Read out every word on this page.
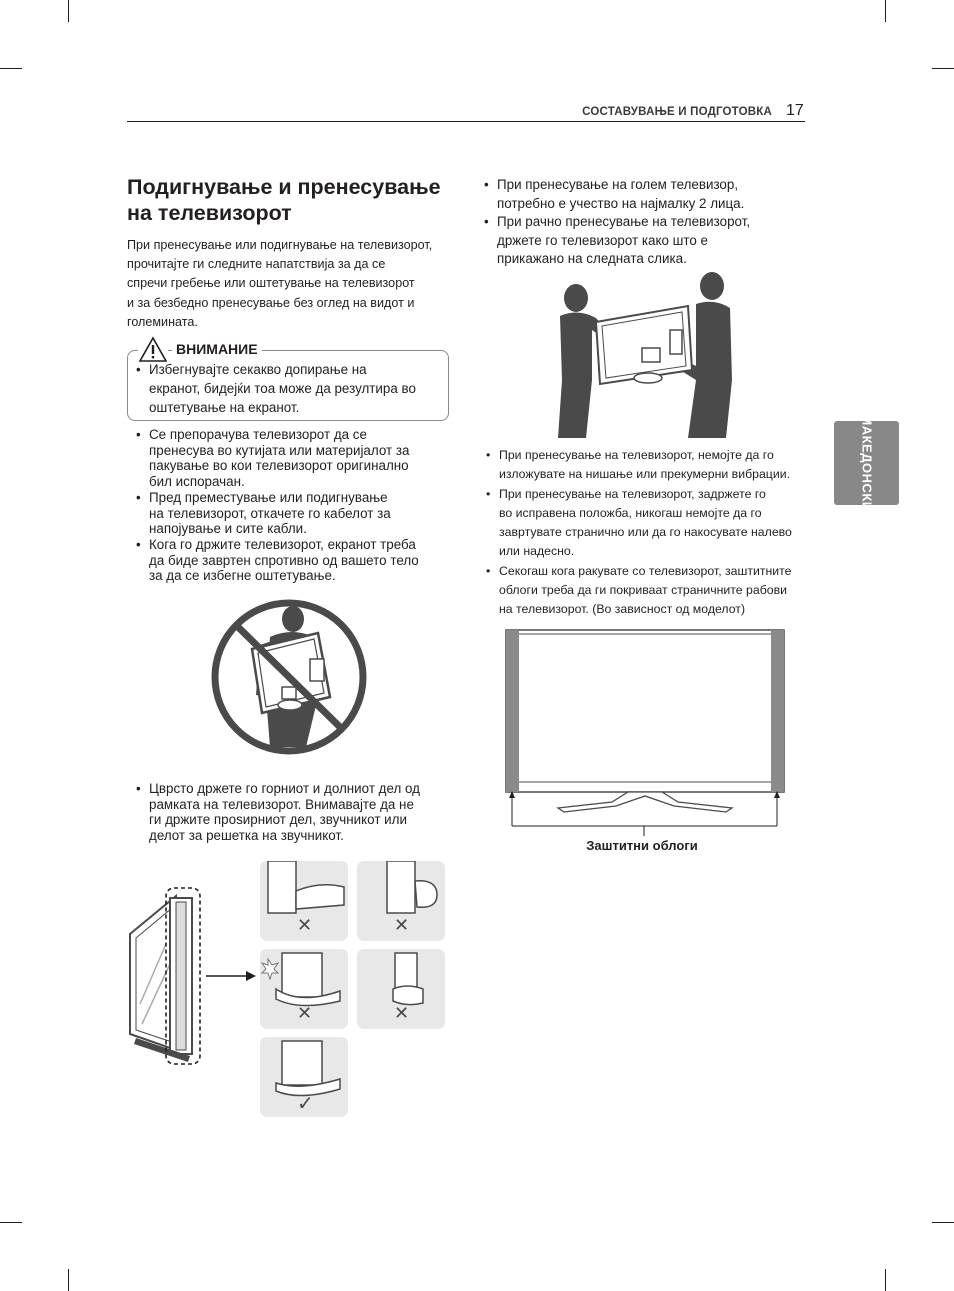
СОСТАВУВАЊЕ И ПОДГОТОВКА 17
МАКЕДОНСКИ
Подигнување и пренесување
на телевизорот
При пренесување или подигнување на телевизорот,
прочитајте ги следните напатствија за да се
спречи гребење или оштетување на телевизорот
и за безбедно пренесување без оглед на видот и
големината.
ВНИМАНИЕ
• Избегнувајте секакво допирање на
екранот, бидејќи тоа може да резултира во
оштетување на екранот.
• Се препорачува телевизорот да се
пренесува во кутијата или материјалот за
пакување во кои телевизорот оригинално
бил испорачан.
• Пред преместување или подигнување
на телевизорот, откачете го кабелот за
напојување и сите кабли.
• Кога го држите телевизорот, екранот треба
да биде завртен спротивно од вашето тело
за да се избегне оштетување.
• Цврсто држете го горниот и долниот дел од
рамката на телевизорот. Внимавајте да не
ги држите проѕирниот дел, звучникот или
делот за решетка на звучникот.
✕	✕
✕	✕
✓
• При пренесување на голем телевизор,
потребно е учество на најмалку 2 лица.
• При рачно пренесување на телевизорот,
држете го телевизорот како што е
прикажано на следната слика.
• При пренесување на телевизорот, немојте да го
изложувате на нишање или прекумерни вибрации.
• При пренесување на телевизорот, задржете го
во исправена положба, никогаш немојте да го
завртувате странично или да го накосувате налево
или надесно.
• Секогаш кога ракувате со телевизорот, заштитните
облоги треба да ги покриваат страничните рабови
на телевизорот. (Во зависност од моделот)
Заштитни облоги
